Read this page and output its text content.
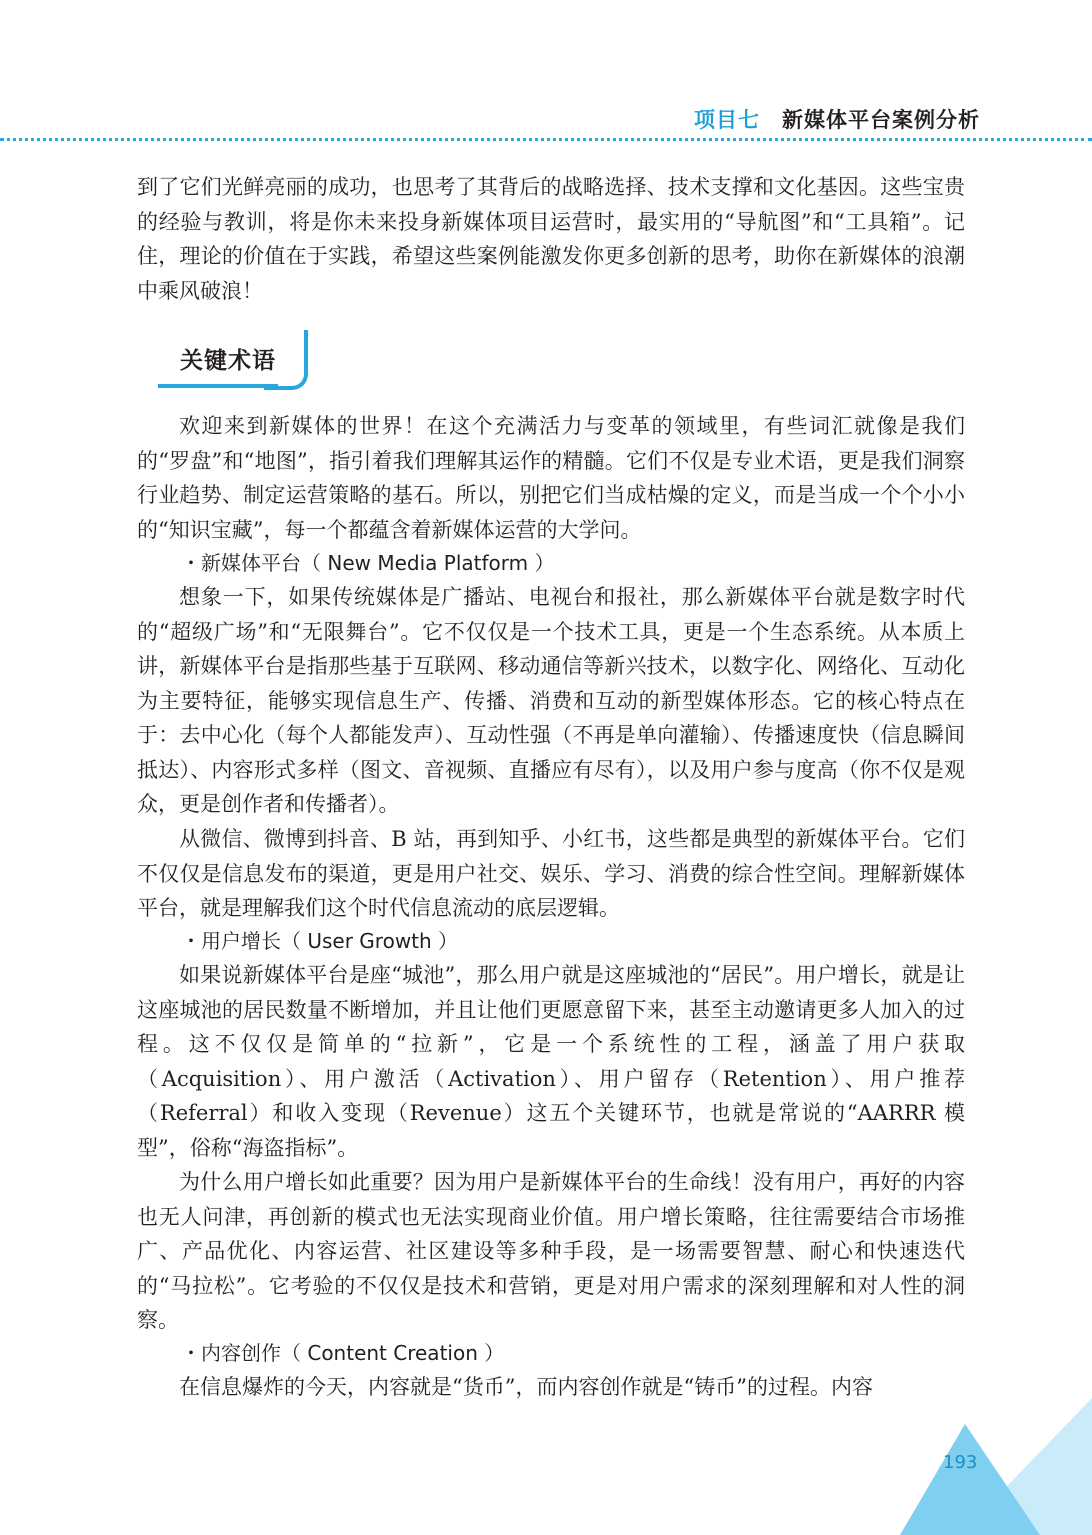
项目七 新媒体平台案例分析

到了它们光鲜亮丽的成功，也思考了其背后的战略选择、技术支撑和文化基因。这些宝贵的经验与教训，将是你未来投身新媒体项目运营时，最实用的“导航图”和“工具箱”。记住，理论的价值在于实践，希望这些案例能激发你更多创新的思考，助你在新媒体的浪潮中乘风破浪！

关键术语

欢迎来到新媒体的世界！在这个充满活力与变革的领域里，有些词汇就像是我们的“罗盘”和“地图”，指引着我们理解其运作的精髓。它们不仅是专业术语，更是我们洞察行业趋势、制定运营策略的基石。所以，别把它们当成枯燥的定义，而是当成一个个小小的“知识宝藏”，每一个都蕴含着新媒体运营的大学问。

・新媒体平台（ New Media Platform ）

想象一下，如果传统媒体是广播站、电视台和报社，那么新媒体平台就是数字时代的“超级广场”和“无限舞台”。它不仅仅是一个技术工具，更是一个生态系统。从本质上讲，新媒体平台是指那些基于互联网、移动通信等新兴技术，以数字化、网络化、互动化为主要特征，能够实现信息生产、传播、消费和互动的新型媒体形态。它的核心特点在于：去中心化（每个人都能发声）、互动性强（不再是单向灌输）、传播速度快（信息瞬间抵达）、内容形式多样（图文、音视频、直播应有尽有），以及用户参与度高（你不仅是观众，更是创作者和传播者）。

从微信、微博到抖音、B 站，再到知乎、小红书，这些都是典型的新媒体平台。它们不仅仅是信息发布的渠道，更是用户社交、娱乐、学习、消费的综合性空间。理解新媒体平台，就是理解我们这个时代信息流动的底层逻辑。

・用户增长（ User Growth ）

如果说新媒体平台是座“城池”，那么用户就是这座城池的“居民”。用户增长，就是让这座城池的居民数量不断增加，并且让他们更愿意留下来，甚至主动邀请更多人加入的过程。这不仅仅是简单的“拉新”，它是一个系统性的工程，涵盖了用户获取（Acquisition）、用户激活（Activation）、用户留存（Retention）、用户推荐（Referral）和收入变现（Revenue）这五个关键环节，也就是常说的“AARRR 模型”，俗称“海盗指标”。

为什么用户增长如此重要？因为用户是新媒体平台的生命线！没有用户，再好的内容也无人问津，再创新的模式也无法实现商业价值。用户增长策略，往往需要结合市场推广、产品优化、内容运营、社区建设等多种手段，是一场需要智慧、耐心和快速迭代的“马拉松”。它考验的不仅仅是技术和营销，更是对用户需求的深刻理解和对人性的洞察。

・内容创作（ Content Creation ）

在信息爆炸的今天，内容就是“货币”，而内容创作就是“铸币”的过程。内容

193
